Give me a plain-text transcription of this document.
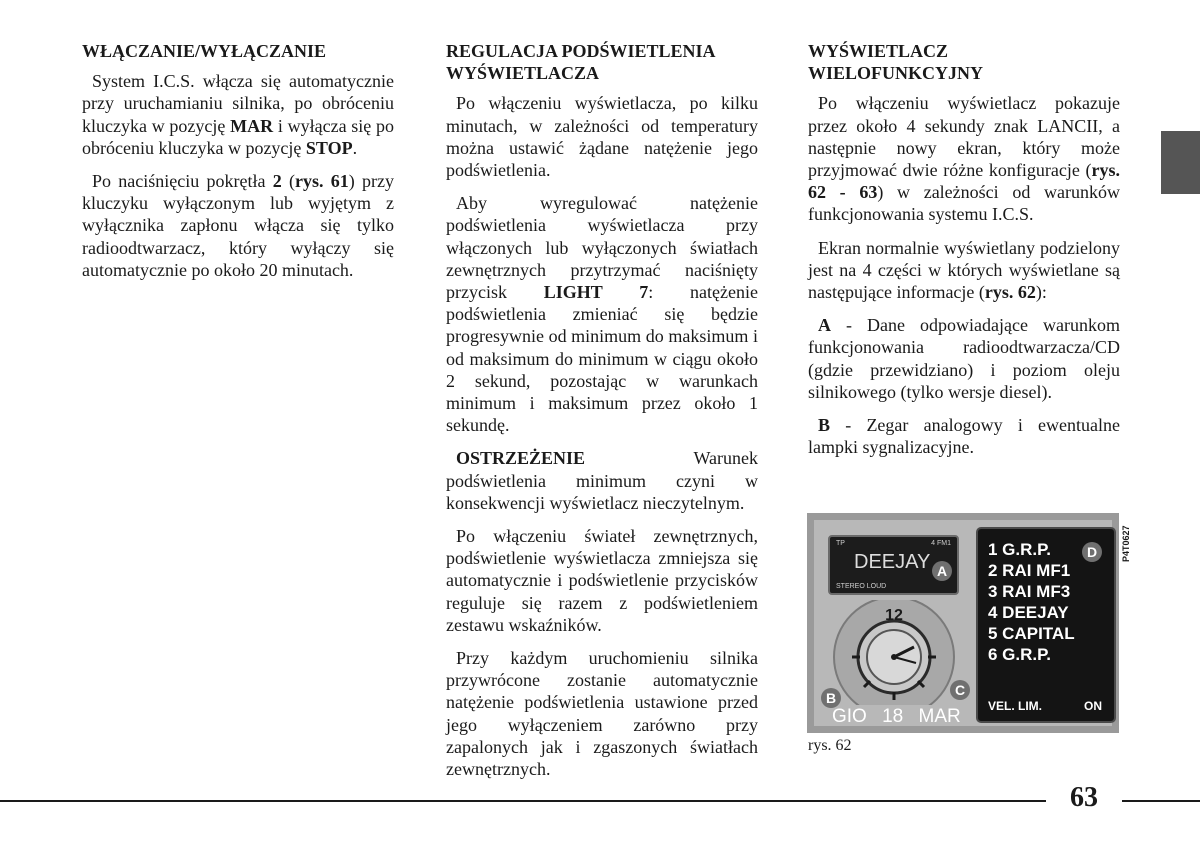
WŁĄCZANIE/WYŁĄCZANIE

System I.C.S. włącza się automatycznie przy uruchamianiu silnika, po obróceniu kluczyka w pozycję MAR i wyłącza się po obróceniu kluczyka w pozycję STOP.

Po naciśnięciu pokrętła 2 (rys. 61) przy kluczyku wyłączonym lub wyjętym z wyłącznika zapłonu włącza się tylko radioodtwarzacz, który wyłączy się automatycznie po około 20 minutach.

REGULACJA PODŚWIETLENIA WYŚWIETLACZA

Po włączeniu wyświetlacza, po kilku minutach, w zależności od temperatury można ustawić żądane natężenie jego podświetlenia.

Aby wyregulować natężenie podświetlenia wyświetlacza przy włączonych lub wyłączonych światłach zewnętrznych przytrzymać naciśnięty przycisk LIGHT 7: natężenie podświetlenia zmieniać się będzie progresywnie od minimum do maksimum i od maksimum do minimum w ciągu około 2 sekund, pozostając w warunkach minimum i maksimum przez około 1 sekundę.

OSTRZEŻENIE Warunek podświetlenia minimum czyni w konsekwencji wyświetlacz nieczytelnym.

Po włączeniu świateł zewnętrznych, podświetlenie wyświetlacza zmniejsza się automatycznie i podświetlenie przycisków reguluje się razem z podświetleniem zestawu wskaźników.

Przy każdym uruchomieniu silnika przywrócone zostanie automatycznie natężenie podświetlenia ustawione przed jego wyłączeniem zarówno przy zapalonych jak i zgaszonych światłach zewnętrznych.

WYŚWIETLACZ WIELOFUNKCYJNY

Po włączeniu wyświetlacz pokazuje przez około 4 sekundy znak LANCII, a następnie nowy ekran, który może przyjmować dwie różne konfiguracje (rys. 62 - 63) w zależności od warunków funkcjonowania systemu I.C.S.

Ekran normalnie wyświetlany podzielony jest na 4 części w których wyświetlane są następujące informacje (rys. 62):

A - Dane odpowiadające warunkom funkcjonowania radioodtwarzacza/CD (gdzie przewidziano) i poziom oleju silnikowego (tylko wersje diesel).

B - Zegar analogowy i ewentualne lampki sygnalizacyjne.

TP	4 FM1
DEEJAY
STEREO LOUD
A
12
B	C
GIO 18 MAR
1 G.R.P.
2 RAI MF1
3 RAI MF3
4 DEEJAY
5 CAPITAL
6 G.R.P.
D
VEL. LIM.	ON
P4T0627
rys. 62
63
